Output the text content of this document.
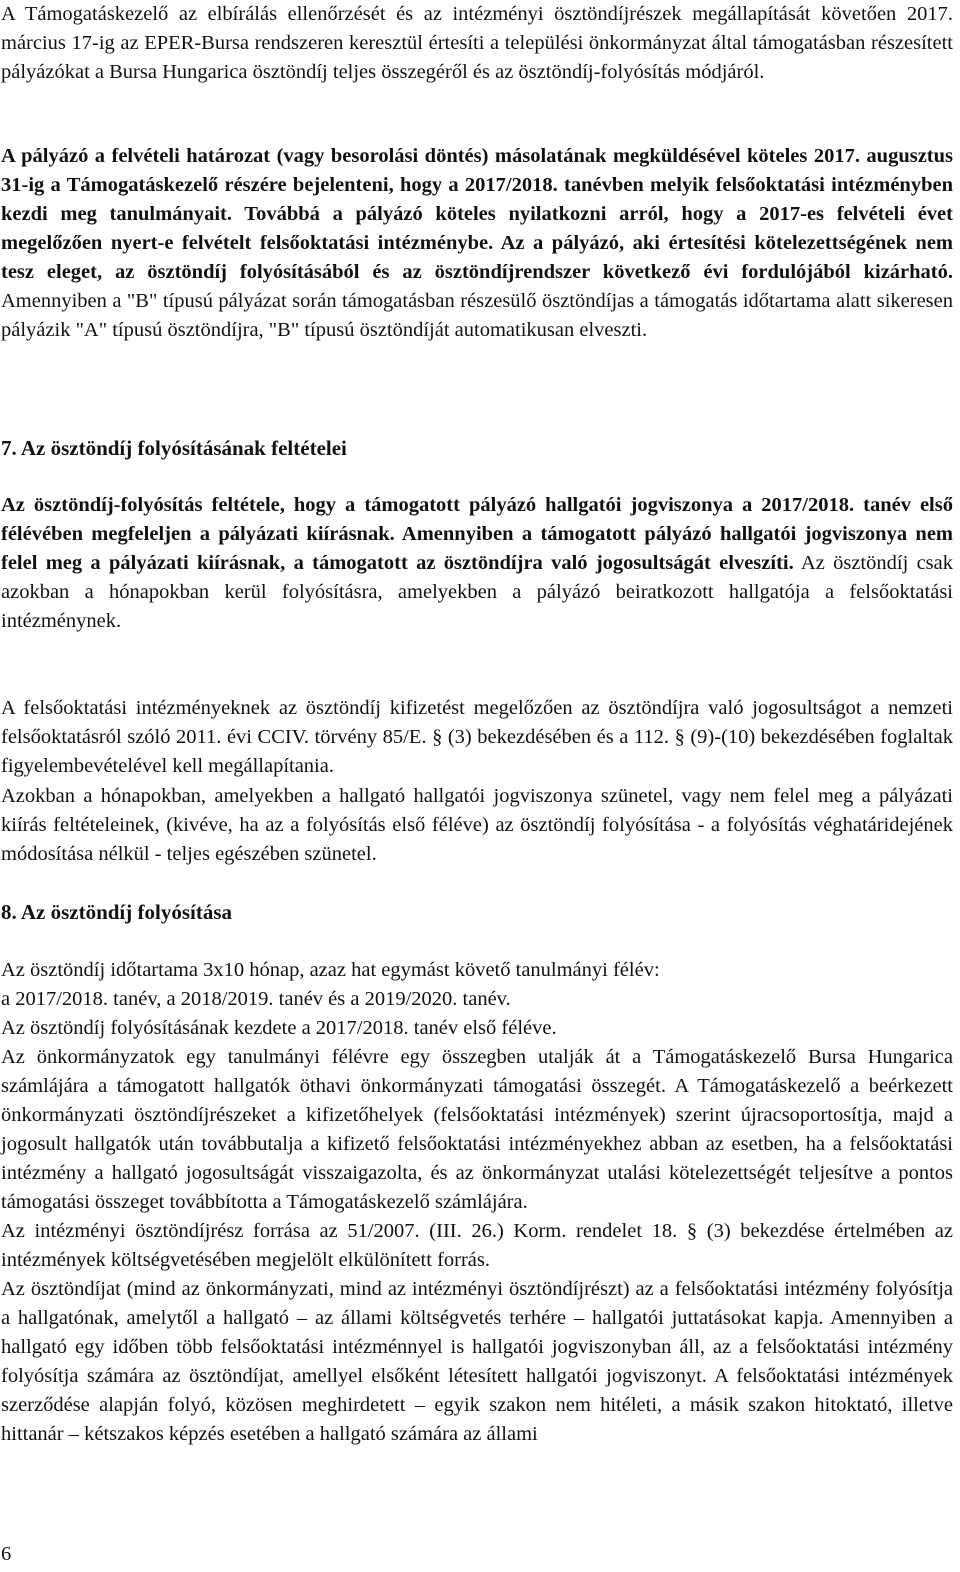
A Támogatáskezelő az elbírálás ellenőrzését és az intézményi ösztöndíjrészek megállapítását követően 2017. március 17-ig az EPER-Bursa rendszeren keresztül értesíti a települési önkormányzat által támogatásban részesített pályázókat a Bursa Hungarica ösztöndíj teljes összegéről és az ösztöndíj-folyósítás módjáról.

A pályázó a felvételi határozat (vagy besorolási döntés) másolatának megküldésével köteles 2017. augusztus 31-ig a Támogatáskezelő részére bejelenteni, hogy a 2017/2018. tanévben melyik felsőoktatási intézményben kezdi meg tanulmányait. Továbbá a pályázó köteles nyilatkozni arról, hogy a 2017-es felvételi évet megelőzően nyert-e felvételt felsőoktatási intézménybe. Az a pályázó, aki értesítési kötelezettségének nem tesz eleget, az ösztöndíj folyósításából és az ösztöndíjrendszer következő évi fordulójából kizárható. Amennyiben a "B" típusú pályázat során támogatásban részesülő ösztöndíjas a támogatás időtartama alatt sikeresen pályázik "A" típusú ösztöndíjra, "B" típusú ösztöndíját automatikusan elveszti.
7. Az ösztöndíj folyósításának feltételei
Az ösztöndíj-folyósítás feltétele, hogy a támogatott pályázó hallgatói jogviszonya a 2017/2018. tanév első félévében megfeleljen a pályázati kiírásnak. Amennyiben a támogatott pályázó hallgatói jogviszonya nem felel meg a pályázati kiírásnak, a támogatott az ösztöndíjra való jogosultságát elveszíti. Az ösztöndíj csak azokban a hónapokban kerül folyósításra, amelyekben a pályázó beiratkozott hallgatója a felsőoktatási intézménynek.

A felsőoktatási intézményeknek az ösztöndíj kifizetést megelőzően az ösztöndíjra való jogosultságot a nemzeti felsőoktatásról szóló 2011. évi CCIV. törvény 85/E. § (3) bekezdésében és a 112. § (9)-(10) bekezdésében foglaltak figyelembevételével kell megállapítania.

Azokban a hónapokban, amelyekben a hallgató hallgatói jogviszonya szünetel, vagy nem felel meg a pályázati kiírás feltételeinek, (kivéve, ha az a folyósítás első féléve) az ösztöndíj folyósítása - a folyósítás véghatáridejének módosítása nélkül - teljes egészében szünetel.

8. Az ösztöndíj folyósítása
Az ösztöndíj időtartama 3x10 hónap, azaz hat egymást követő tanulmányi félév:
a 2017/2018. tanév, a 2018/2019. tanév és a 2019/2020. tanév.
Az ösztöndíj folyósításának kezdete a 2017/2018. tanév első féléve.
Az önkormányzatok egy tanulmányi félévre egy összegben utalják át a Támogatáskezelő Bursa Hungarica számlájára a támogatott hallgatók öthavi önkormányzati támogatási összegét. A Támogatáskezelő a beérkezett önkormányzati ösztöndíjrészeket a kifizetőhelyek (felsőoktatási intézmények) szerint újracsoportosítja, majd a jogosult hallgatók után továbbutalja a kifizető felsőoktatási intézményekhez abban az esetben, ha a felsőoktatási intézmény a hallgató jogosultságát visszaigazolta, és az önkormányzat utalási kötelezettségét teljesítve a pontos támogatási összeget továbbította a Támogatáskezelő számlájára.
Az intézményi ösztöndíjrész forrása az 51/2007. (III. 26.) Korm. rendelet 18. § (3) bekezdése értelmében az intézmények költségvetésében megjelölt elkülönített forrás.
Az ösztöndíjat (mind az önkormányzati, mind az intézményi ösztöndíjrészt) az a felsőoktatási intézmény folyósítja a hallgatónak, amelytől a hallgató – az állami költségvetés terhére – hallgatói juttatásokat kapja. Amennyiben a hallgató egy időben több felsőoktatási intézménnyel is hallgatói jogviszonyban áll, az a felsőoktatási intézmény folyósítja számára az ösztöndíjat, amellyel elsőként létesített hallgatói jogviszonyt. A felsőoktatási intézmények szerződése alapján folyó, közösen meghirdetett – egyik szakon nem hitéleti, a másik szakon hitoktató, illetve hittanár – kétszakos képzés esetében a hallgató számára az állami
6
